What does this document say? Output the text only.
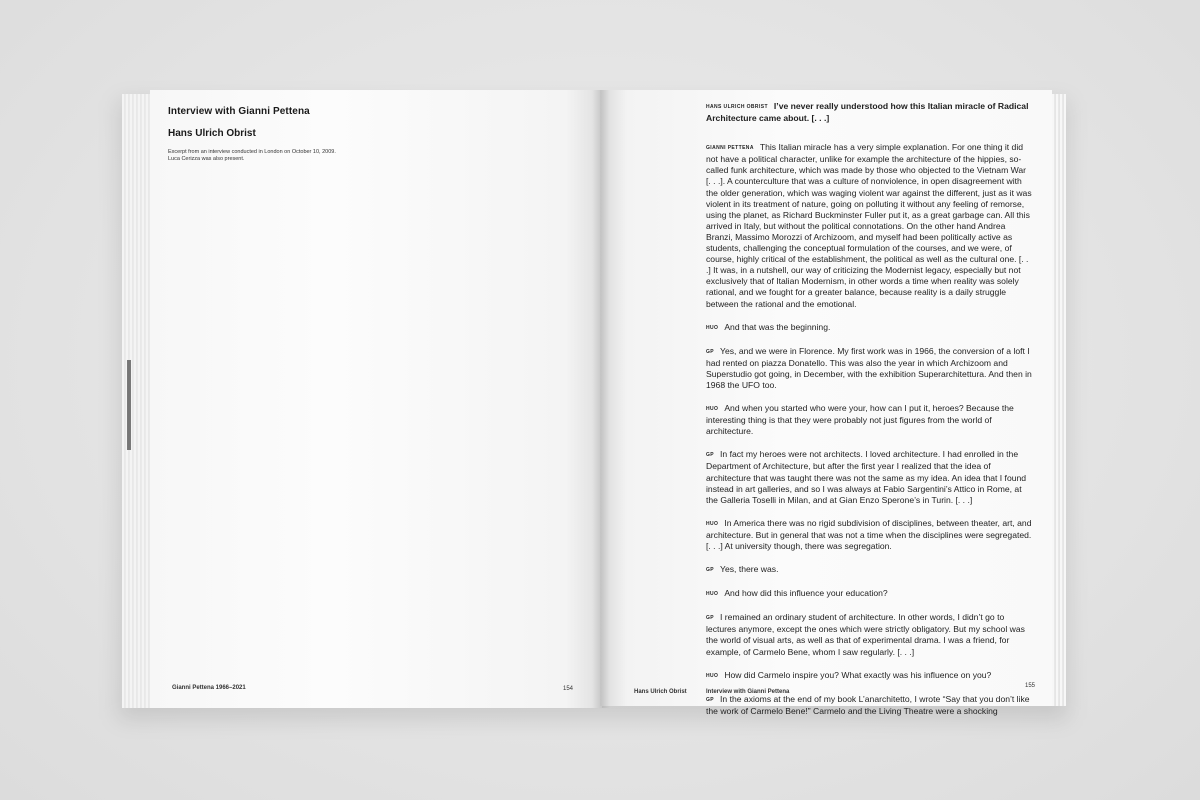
Interview with Gianni Pettena
Hans Ulrich Obrist
Excerpt from an interview conducted in London on October 10, 2009.
Luca Cerizza was also present.
Gianni Pettena 1966–2021	154

HANS ULRICH OBRIST I’ve never really understood how this Italian miracle of Radical Architecture came about. [. . .]

GIANNI PETTENA This Italian miracle has a very simple explanation. For one thing it did not have a political character, unlike for example the architecture of the hippies, so-called funk architecture, which was made by those who objected to the Vietnam War [. . .]. A counterculture that was a culture of nonviolence, in open disagreement with the older generation, which was waging violent war against the different, just as it was violent in its treatment of nature, going on polluting it without any feeling of remorse, using the planet, as Richard Buckminster Fuller put it, as a great garbage can. All this arrived in Italy, but without the political connotations. On the other hand Andrea Branzi, Massimo Morozzi of Archizoom, and myself had been politically active as students, challenging the conceptual formulation of the courses, and we were, of course, highly critical of the establishment, the political as well as the cultural one. [. . .] It was, in a nutshell, our way of criticizing the Modernist legacy, especially but not exclusively that of Italian Modernism, in other words a time when reality was solely rational, and we fought for a greater balance, because reality is a daily struggle between the rational and the emotional.

HUO And that was the beginning.

GP Yes, and we were in Florence. My first work was in 1966, the conversion of a loft I had rented on piazza Donatello. This was also the year in which Archizoom and Superstudio got going, in December, with the exhibition Superarchitettura. And then in 1968 the UFO too.

HUO And when you started who were your, how can I put it, heroes? Because the interesting thing is that they were probably not just figures from the world of architecture.

GP In fact my heroes were not architects. I loved architecture. I had enrolled in the Department of Architecture, but after the first year I realized that the idea of architecture that was taught there was not the same as my idea. An idea that I found instead in art galleries, and so I was always at Fabio Sargentini’s Attico in Rome, at the Galleria Toselli in Milan, and at Gian Enzo Sperone’s in Turin. [. . .]

HUO In America there was no rigid subdivision of disciplines, between theater, art, and architecture. But in general that was not a time when the disciplines were segregated. [. . .] At university though, there was segregation.

GP Yes, there was.

HUO And how did this influence your education?

GP I remained an ordinary student of architecture. In other words, I didn’t go to lectures anymore, except the ones which were strictly obligatory. But my school was the world of visual arts, as well as that of experimental drama. I was a friend, for example, of Carmelo Bene, whom I saw regularly. [. . .]

HUO How did Carmelo inspire you? What exactly was his influence on you?

GP In the axioms at the end of my book L’anarchitetto, I wrote “Say that you don’t like the work of Carmelo Bene!” Carmelo and the Living Theatre were a shocking

Hans Ulrich Obrist	Interview with Gianni Pettena
155
